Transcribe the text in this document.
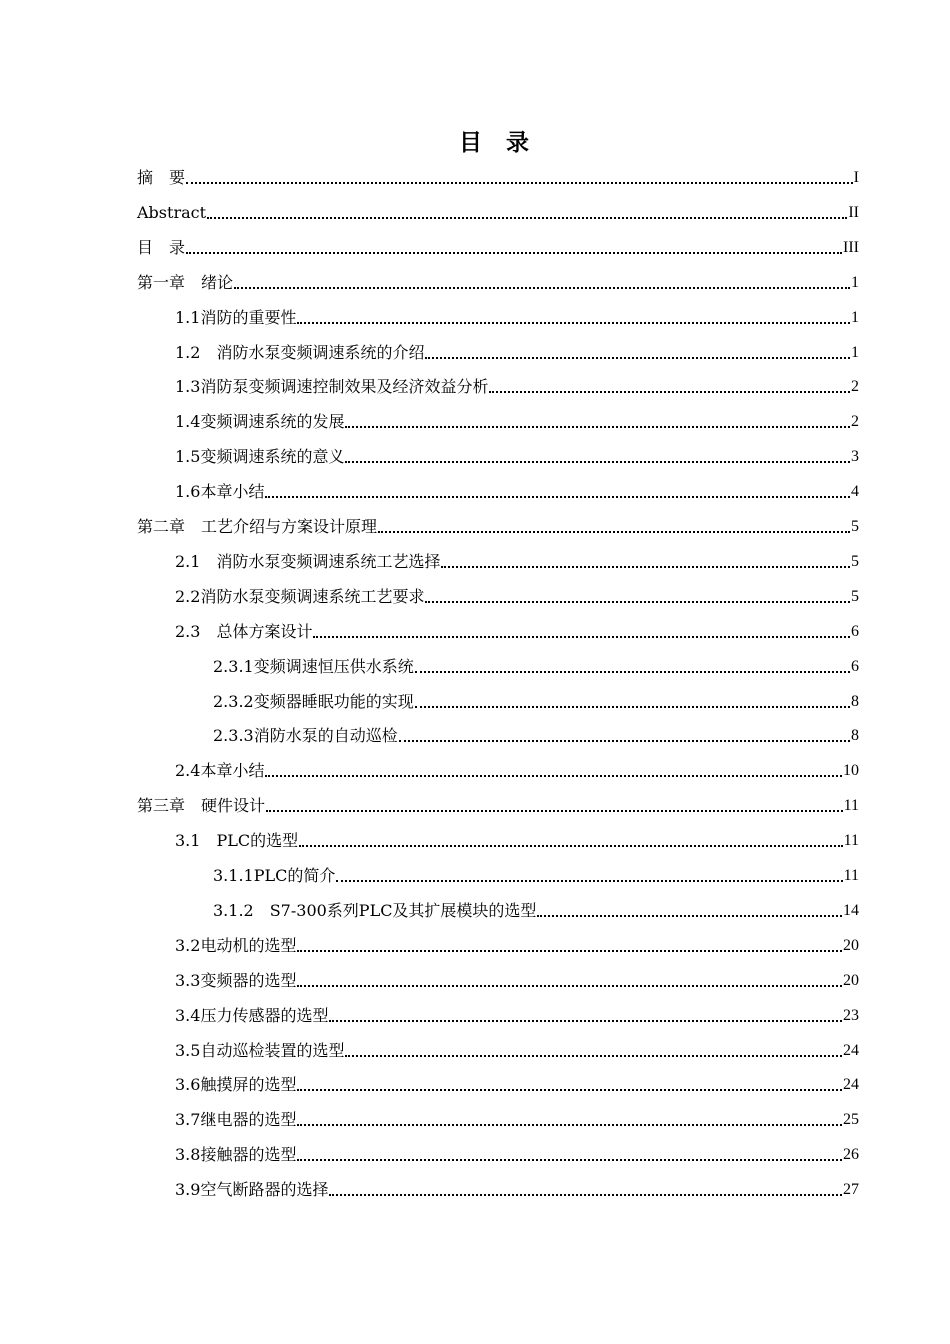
目 录
摘　要	I
Abstract	II
目　录	III
第一章　绪论	1
1.1消防的重要性	1
1.2　消防水泵变频调速系统的介绍	1
1.3消防泵变频调速控制效果及经济效益分析	2
1.4变频调速系统的发展	2
1.5变频调速系统的意义	3
1.6本章小结	4
第二章　工艺介绍与方案设计原理	5
2.1　消防水泵变频调速系统工艺选择	5
2.2消防水泵变频调速系统工艺要求	5
2.3　总体方案设计	6
2.3.1变频调速恒压供水系统	6
2.3.2变频器睡眠功能的实现	8
2.3.3消防水泵的自动巡检	8
2.4本章小结	10
第三章　硬件设计	11
3.1　PLC的选型	11
3.1.1PLC的简介	11
3.1.2　S7-300系列PLC及其扩展模块的选型	14
3.2电动机的选型	20
3.3变频器的选型	20
3.4压力传感器的选型	23
3.5自动巡检装置的选型	24
3.6触摸屏的选型	24
3.7继电器的选型	25
3.8接触器的选型	26
3.9空气断路器的选择	27
